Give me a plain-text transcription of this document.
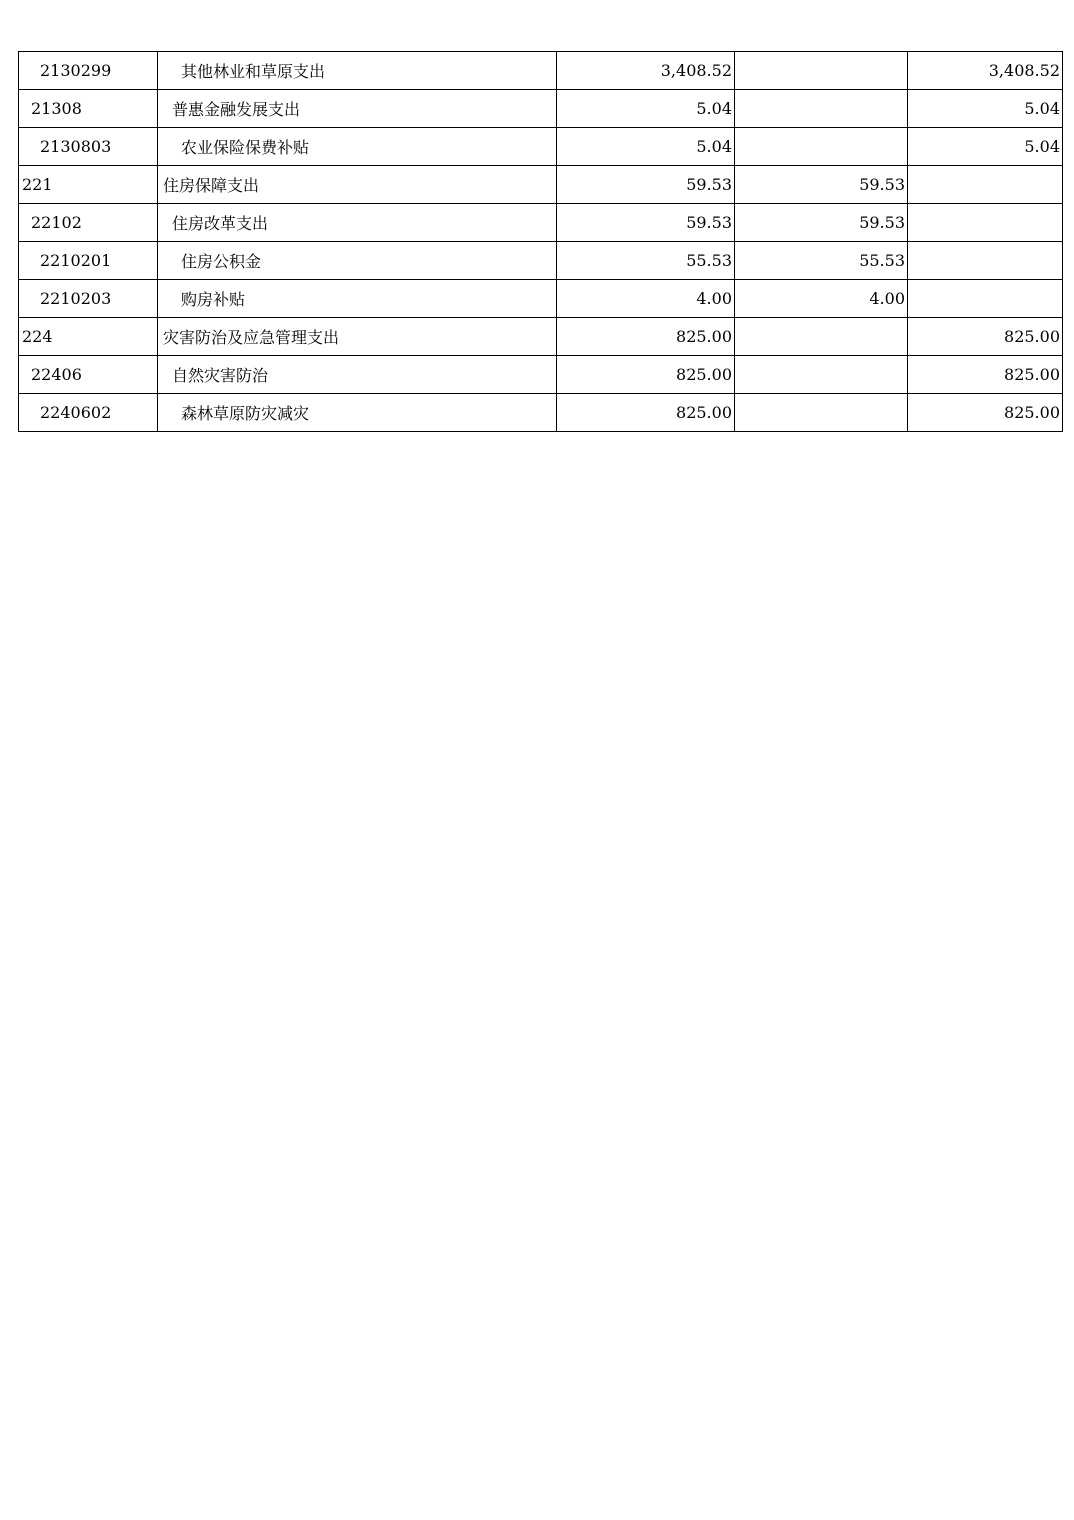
2130299	其他林业和草原支出	3,408.52		3,408.52
21308	普惠金融发展支出	5.04		5.04
2130803	农业保险保费补贴	5.04		5.04
221	住房保障支出	59.53	59.53	
22102	住房改革支出	59.53	59.53	
2210201	住房公积金	55.53	55.53	
2210203	购房补贴	4.00	4.00	
224	灾害防治及应急管理支出	825.00		825.00
22406	自然灾害防治	825.00		825.00
2240602	森林草原防灾减灾	825.00		825.00
